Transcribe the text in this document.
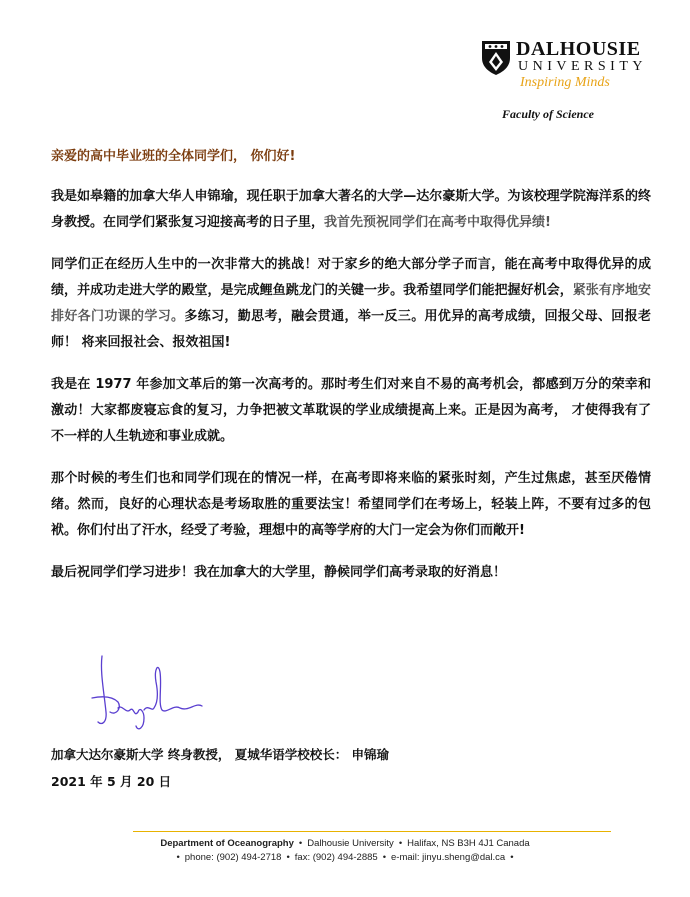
DALHOUSIE
UNIVERSITY
Inspiring Minds
Faculty of Science

亲爱的高中毕业班的全体同学们， 你们好!

我是如皋籍的加拿大华人申锦瑜，现任职于加拿大著名的大学—达尔豪斯大学。为该校理学院海洋系的终身教授。在同学们紧张复习迎接高考的日子里，我首先预祝同学们在高考中取得优异绩!

同学们正在经历人生中的一次非常大的挑战！对于家乡的绝大部分学子而言，能在高考中取得优异的成绩，并成功走进大学的殿堂，是完成鲤鱼跳龙门的关键一步。我希望同学们能把握好机会，紧张有序地安排好各门功课的学习。多练习，勤思考，融会贯通，举一反三。用优异的高考成绩，回报父母、回报老师！ 将来回报社会、报效祖国!

我是在 1977 年参加文革后的第一次高考的。那时考生们对来自不易的高考机会，都感到万分的荣幸和激动！大家都废寝忘食的复习，力争把被文革耽误的学业成绩提高上来。正是因为高考， 才使得我有了不一样的人生轨迹和事业成就。

那个时候的考生们也和同学们现在的情况一样，在高考即将来临的紧张时刻，产生过焦虑，甚至厌倦情绪。然而，良好的心理状态是考场取胜的重要法宝！希望同学们在考场上，轻装上阵，不要有过多的包袱。你们付出了汗水，经受了考验，理想中的高等学府的大门一定会为你们而敞开!

最后祝同学们学习进步！我在加拿大的大学里，静候同学们高考录取的好消息！

加拿大达尔豪斯大学 终身教授， 夏城华语学校校长： 申锦瑜
2021 年 5 月 20 日
Department of Oceanography • Dalhousie University • Halifax, NS B3H 4J1 Canada
• phone: (902) 494-2718 • fax: (902) 494-2885 • e-mail: jinyu.sheng@dal.ca •
